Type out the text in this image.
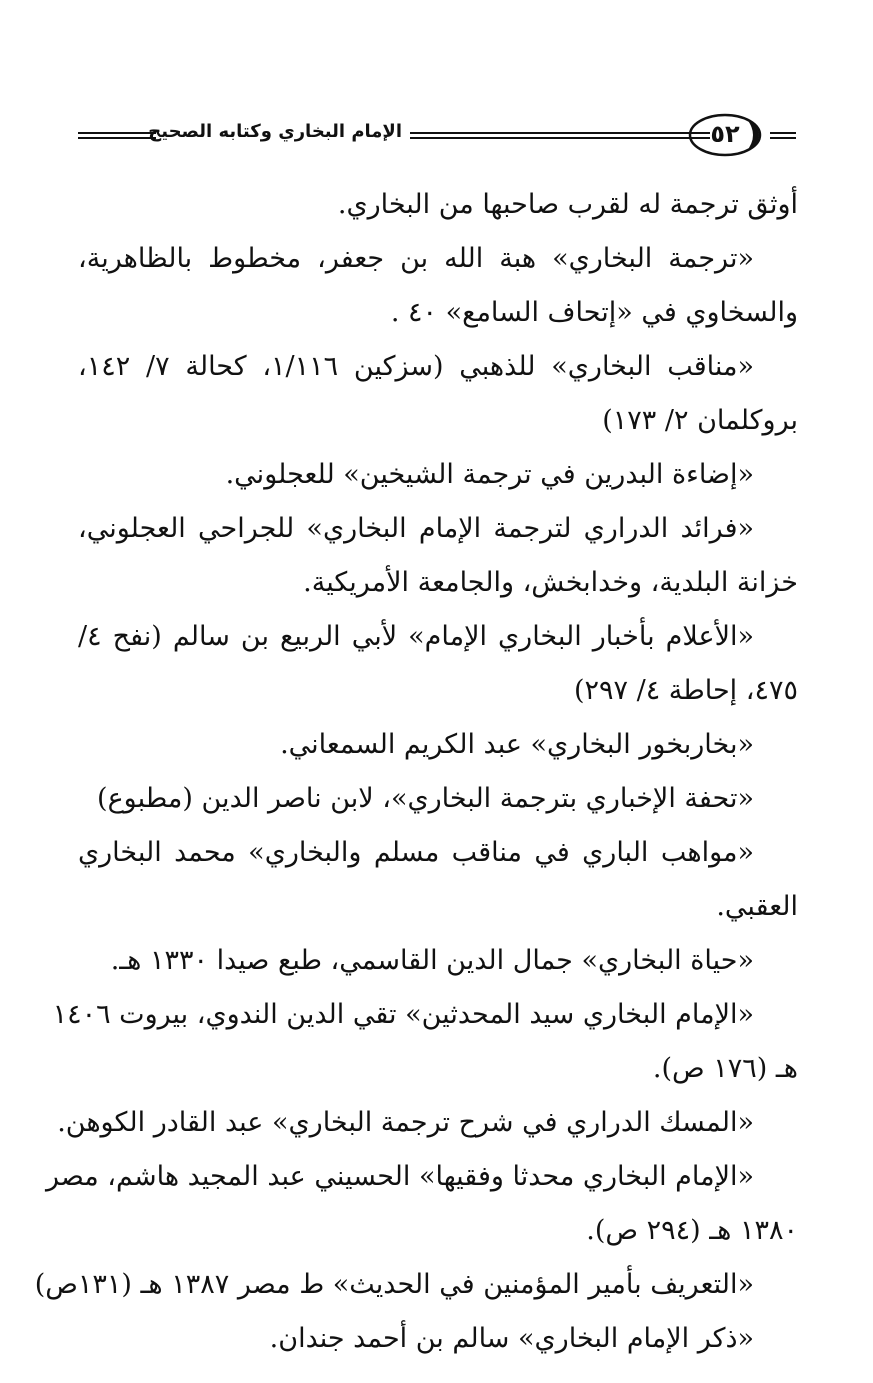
الإمام البخاري وكتابه الصحيح	٥٢
أوثق ترجمة له لقرب صاحبها من البخاري.
«ترجمة البخاري» هبة الله بن جعفر، مخطوط بالظاهرية،
والسخاوي في «إتحاف السامع» ٤٠ .
«مناقب البخاري» للذهبي (سزكين ١/١١٦، كحالة ٧/ ١٤٢،
بروكلمان ٢/ ١٧٣)
«إضاءة البدرين في ترجمة الشيخين» للعجلوني.
«فرائد الدراري لترجمة الإمام البخاري» للجراحي العجلوني،
خزانة البلدية، وخدابخش، والجامعة الأمريكية.
«الأعلام بأخبار البخاري الإمام» لأبي الربيع بن سالم (نفح ٤/
٤٧٥، إحاطة ٤/ ٢٩٧)
«بخاربخور البخاري» عبد الكريم السمعاني.
«تحفة الإخباري بترجمة البخاري»، لابن ناصر الدين (مطبوع)
«مواهب الباري في مناقب مسلم والبخاري» محمد البخاري
العقبي.
«حياة البخاري» جمال الدين القاسمي، طبع صيدا ١٣٣٠ هـ.
«الإمام البخاري سيد المحدثين» تقي الدين الندوي، بيروت ١٤٠٦
هـ (١٧٦ ص).
«المسك الدراري في شرح ترجمة البخاري» عبد القادر الكوهن.
«الإمام البخاري محدثا وفقيها» الحسيني عبد المجيد هاشم، مصر
١٣٨٠ هـ (٢٩٤ ص).
«التعريف بأمير المؤمنين في الحديث» ط مصر ١٣٨٧ هـ (١٣١ص)
«ذكر الإمام البخاري» سالم بن أحمد جندان.
